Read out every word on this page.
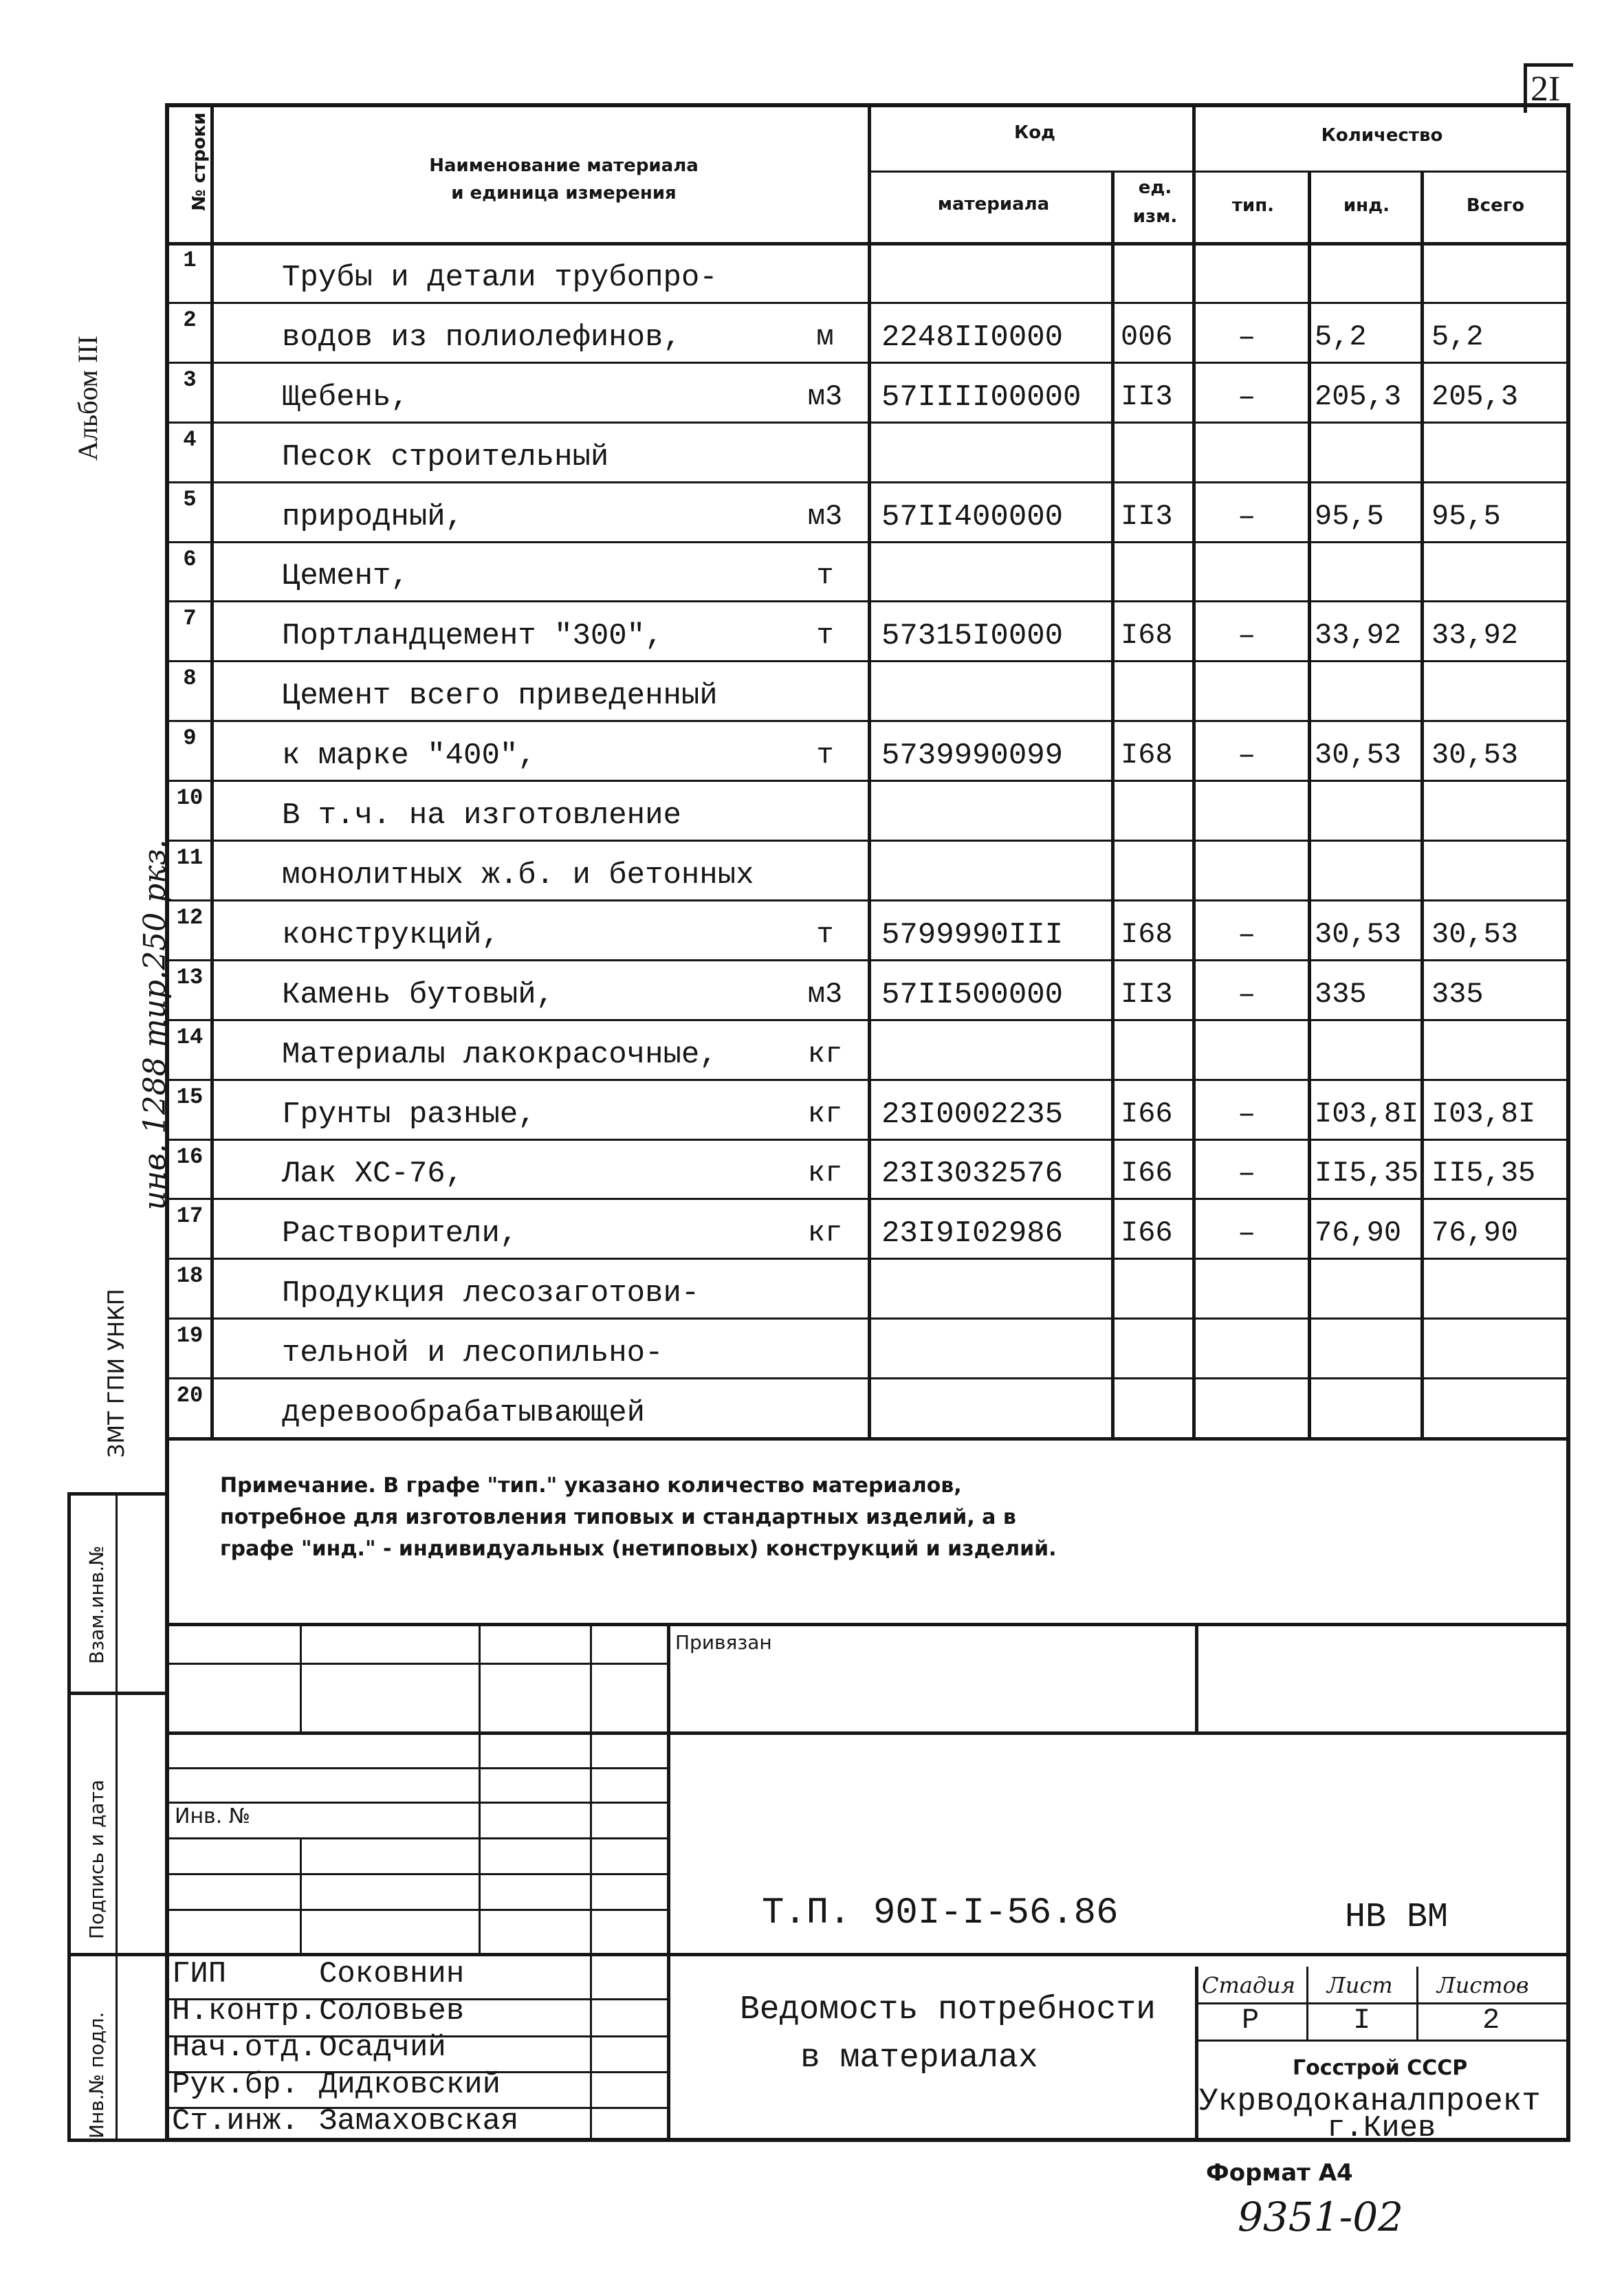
2I
№ строки	Наименование материала
и единица измерения
Код
материала
ед.
изм.
Количество
тип.	инд.	Всего
1
Трубы и детали трубопро-
2
водов из полиолефинов,	м	2248II0000 006 – 5,2 5,2
3
Щебень,	м3	57IIII00000 II3 – 205,3 205,3
4
Песок строительный
5
природный,	м3	57II400000 II3 – 95,5 95,5
6	Цемент,	т
7
Портландцемент "300",	т	57315I0000 I68 – 33,92 33,92
8
Цемент всего приведенный
9
к марке "400",	т	5739990099 I68 – 30,53 30,53
10
В т.ч. на изготовление
11
монолитных ж.б. и бетонных
12
конструкций,	т	5799990III I68 – 30,53 30,53
13
Камень бутовый,	м3	57II500000 II3 – 335 335
14
Материалы лакокрасочные,	кг
15
Грунты разные,	кг	23I0002235 I66 – I03,8I I03,8I
16	Лак ХС-76,	кг	23I3032576 I66 – II5,35 II5,35
17
Растворители,	кг	23I9I02986 I66 – 76,90 76,90
18
Продукция лесозаготови-
19
тельной и лесопильно-
20
деревообрабатывающей
Примечание. В графе "тип." указано количество материалов, потребное для изготовления типовых и стандартных изделий, а в графе "инд." - индивидуальных (нетиповых) конструкций и изделий.
Привязан
Инв. №
Т.П. 90I-I-56.86	НВ ВМ
Ведомость потребности
в материалах
Стадия Лист Листов
Р	I	2
Госстрой СССР
Укрводоканалпроект
г.Киев
ГИП	Соковнин
Н.контр. Соловьев
Нач.отд. Осадчий
Рук.бр. Дидковский
Ст.инж. Замаховская
Альбом III
ЗМТ ГПИ УНКП
инв. 1288 тир.250 ркз.
Взам.инв.№
Подпись и дата
Инв.№ подл.
Формат А4
9351-02
